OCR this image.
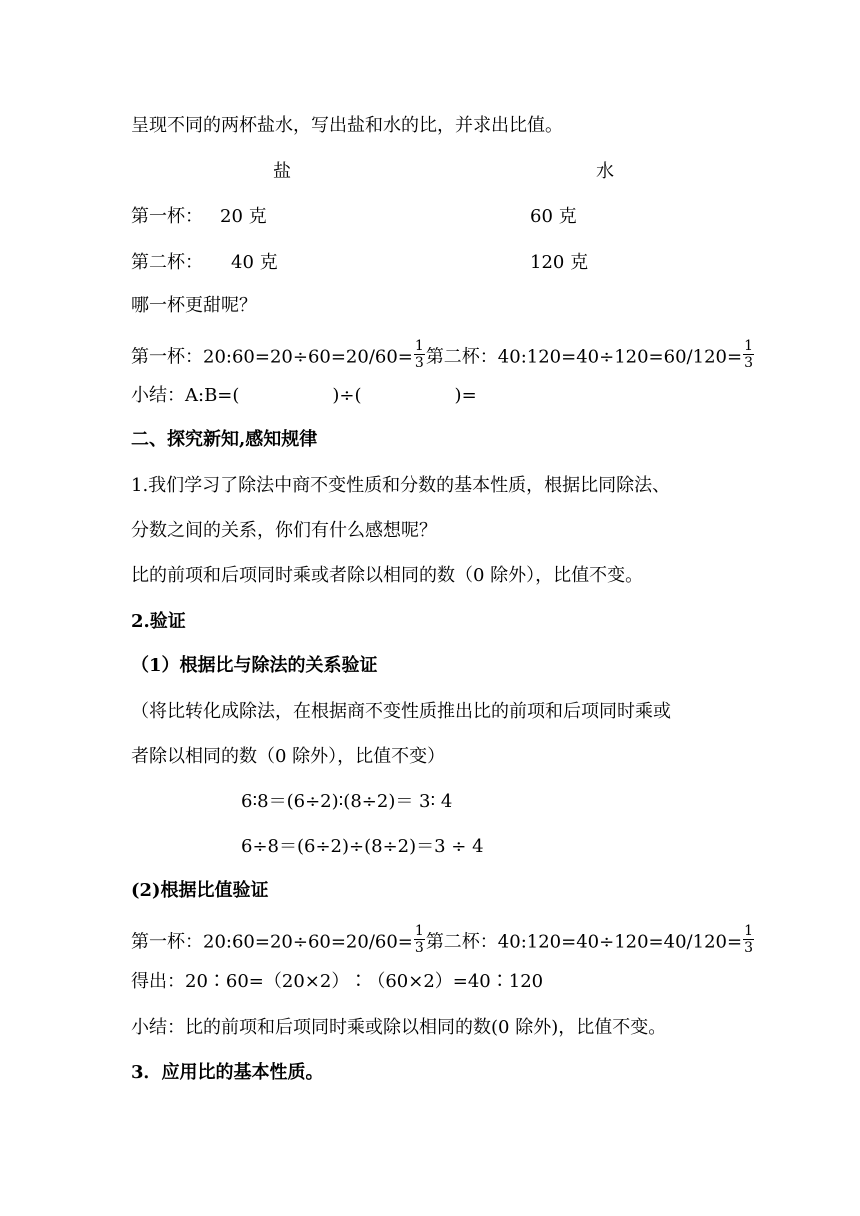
呈现不同的两杯盐水，写出盐和水的比，并求出比值。
盐	水
第一杯： 20 克	60 克
第二杯： 40 克	120 克
哪一杯更甜呢？
第一杯：20:60=20÷60=20/60= $\frac{1}{3}$ 第二杯：40:120=40÷120=60/120= $\frac{1}{3}$
小结：A:B=(	)÷(	)=
二、探究新知,感知规律
1.我们学习了除法中商不变性质和分数的基本性质，根据比同除法、
分数之间的关系，你们有什么感想呢？
比的前项和后项同时乘或者除以相同的数（0 除外），比值不变。
2.验证
（1）根据比与除法的关系验证
（将比转化成除法，在根据商不变性质推出比的前项和后项同时乘或
者除以相同的数（0 除外），比值不变）
6∶8＝(6÷2)∶(8÷2)＝ 3∶ 4
6÷8＝(6÷2)÷(8÷2)＝3 ÷ 4
(2)根据比值验证
第一杯：20:60=20÷60=20/60= $\frac{1}{3}$ 第二杯：40:120=40÷120=40/120= $\frac{1}{3}$
得出：20∶60=（20×2）∶（60×2）=40∶120
小结：比的前项和后项同时乘或除以相同的数(0 除外)，比值不变。
3．应用比的基本性质。
